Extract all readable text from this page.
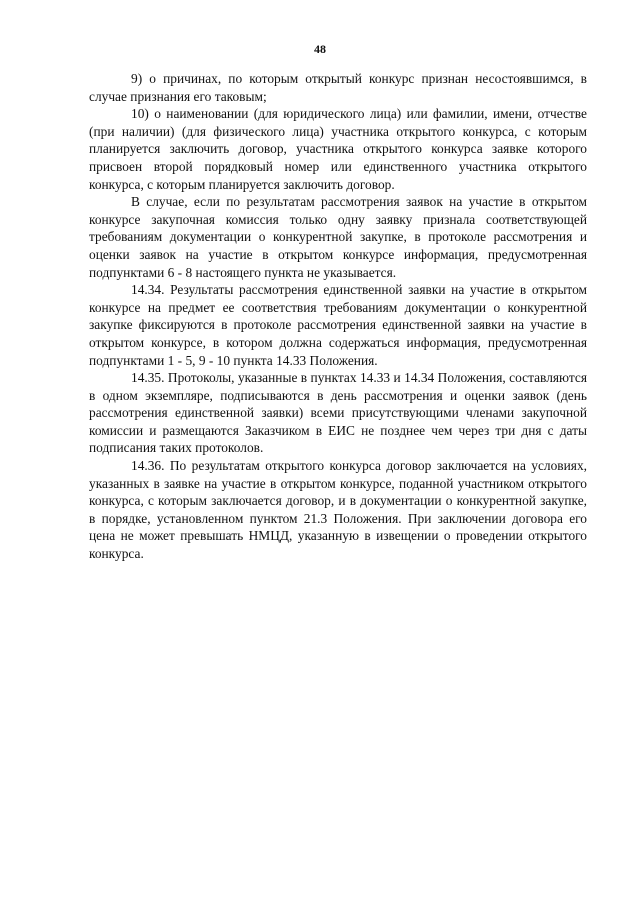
48

9) о причинах, по которым открытый конкурс признан несостоявшимся, в случае признания его таковым;

10) о наименовании (для юридического лица) или фамилии, имени, отчестве (при наличии) (для физического лица) участника открытого конкурса, с которым планируется заключить договор, участника открытого конкурса заявке которого присвоен второй порядковый номер или единственного участника открытого конкурса, с которым планируется заключить договор.

В случае, если по результатам рассмотрения заявок на участие в открытом конкурсе закупочная комиссия только одну заявку признала соответствующей требованиям документации о конкурентной закупке, в протоколе рассмотрения и оценки заявок на участие в открытом конкурсе информация, предусмотренная подпунктами 6 - 8 настоящего пункта не указывается.

14.34. Результаты рассмотрения единственной заявки на участие в открытом конкурсе на предмет ее соответствия требованиям документации о конкурентной закупке фиксируются в протоколе рассмотрения единственной заявки на участие в открытом конкурсе, в котором должна содержаться информация, предусмотренная подпунктами 1 - 5, 9 - 10 пункта 14.33 Положения.

14.35. Протоколы, указанные в пунктах 14.33 и 14.34 Положения, составляются в одном экземпляре, подписываются в день рассмотрения и оценки заявок (день рассмотрения единственной заявки) всеми присутствующими членами закупочной комиссии и размещаются Заказчиком в ЕИС не позднее чем через три дня с даты подписания таких протоколов.

14.36. По результатам открытого конкурса договор заключается на условиях, указанных в заявке на участие в открытом конкурсе, поданной участником открытого конкурса, с которым заключается договор, и в документации о конкурентной закупке, в порядке, установленном пунктом 21.3 Положения. При заключении договора его цена не может превышать НМЦД, указанную в извещении о проведении открытого конкурса.
